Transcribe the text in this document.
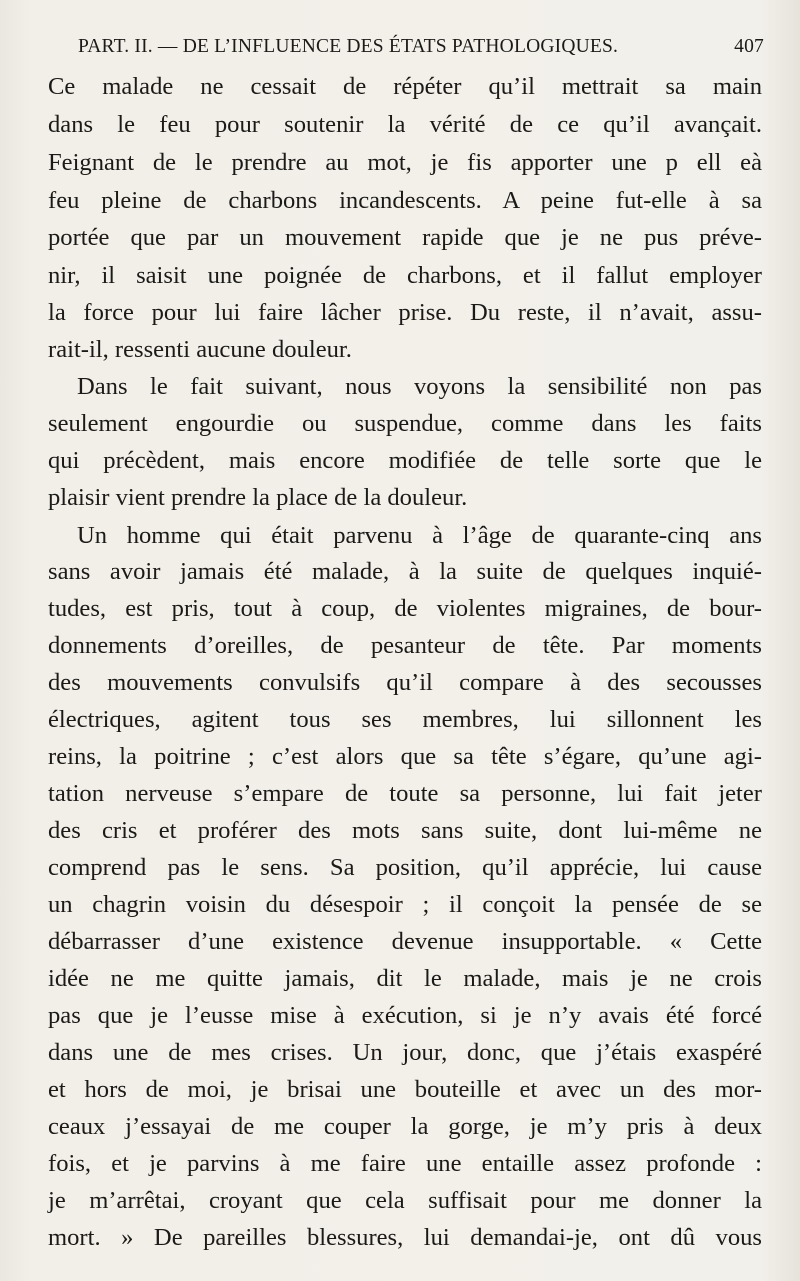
PART. II. — DE L’INFLUENCE DES ÉTATS PATHOLOGIQUES.	407
Ce malade ne cessait de répéter qu’il mettrait sa main
dans le feu pour soutenir la vérité de ce qu’il avançait.
Feignant de le prendre au mot, je fis apporter une p ell eà
feu pleine de charbons incandescents. A peine fut-elle à sa
portée que par un mouvement rapide que je ne pus préve-
nir, il saisit une poignée de charbons, et il fallut employer
la force pour lui faire lâcher prise. Du reste, il n’avait, assu-
rait-il, ressenti aucune douleur.
Dans le fait suivant, nous voyons la sensibilité non pas
seulement engourdie ou suspendue, comme dans les faits
qui précèdent, mais encore modifiée de telle sorte que le
plaisir vient prendre la place de la douleur.
Un homme qui était parvenu à l’âge de quarante-cinq ans
sans avoir jamais été malade, à la suite de quelques inquié-
tudes, est pris, tout à coup, de violentes migraines, de bour-
donnements d’oreilles, de pesanteur de tête. Par moments
des mouvements convulsifs qu’il compare à des secousses
électriques, agitent tous ses membres, lui sillonnent les
reins, la poitrine ; c’est alors que sa tête s’égare, qu’une agi-
tation nerveuse s’empare de toute sa personne, lui fait jeter
des cris et proférer des mots sans suite, dont lui-même ne
comprend pas le sens. Sa position, qu’il apprécie, lui cause
un chagrin voisin du désespoir ; il conçoit la pensée de se
débarrasser d’une existence devenue insupportable. « Cette
idée ne me quitte jamais, dit le malade, mais je ne crois
pas que je l’eusse mise à exécution, si je n’y avais été forcé
dans une de mes crises. Un jour, donc, que j’étais exaspéré
et hors de moi, je brisai une bouteille et avec un des mor-
ceaux j’essayai de me couper la gorge, je m’y pris à deux
fois, et je parvins à me faire une entaille assez profonde :
je m’arrêtai, croyant que cela suffisait pour me donner la
mort. » De pareilles blessures, lui demandai-je, ont dû vous
